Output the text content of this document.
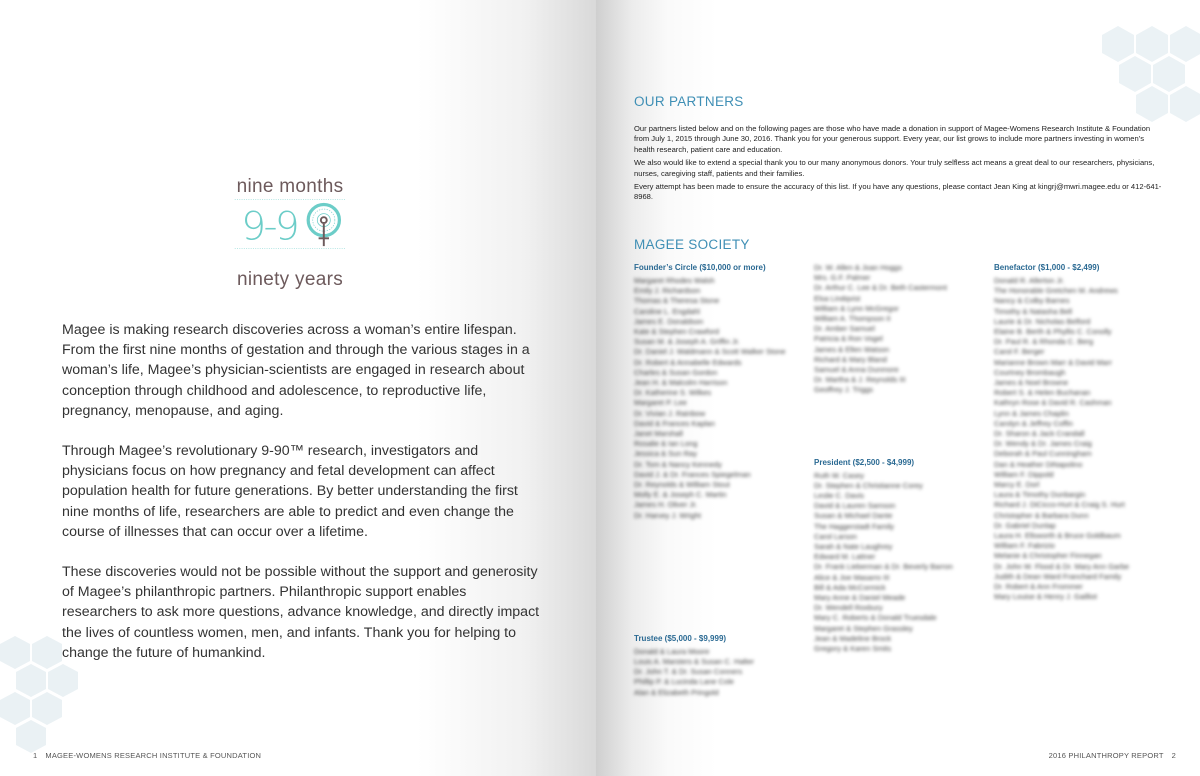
nine months
9-9
ninety years

Magee is making research discoveries across a woman’s entire lifespan. From the first nine months of gestation and through the various stages in a woman’s life, Magee’s physician-scientists are engaged in research about conception through childhood and adolescence, to reproductive life, pregnancy, menopause, and aging.

Through Magee’s revolutionary 9-90™ research, investigators and physicians focus on how pregnancy and fetal development can affect population health for future generations. By better understanding the first nine months of life, researchers are able to predict and even change the course of illnesses that can occur over a lifetime.

These discoveries would not be possible without the support and generosity of Magee’s philanthropic partners. Philanthropic support enables researchers to ask more questions, advance knowledge, and directly impact the lives of countless women, men, and infants. Thank you for helping to change the future of humankind.

1 MAGEE-WOMENS RESEARCH INSTITUTE & FOUNDATION
OUR PARTNERS

Our partners listed below and on the following pages are those who have made a donation in support of Magee-Womens Research Institute & Foundation from July 1, 2015 through June 30, 2016. Thank you for your generous support. Every year, our list grows to include more partners investing in women’s health research, patient care and education.

We also would like to extend a special thank you to our many anonymous donors. Your truly selfless act means a great deal to our researchers, physicians, nurses, caregiving staff, patients and their families.

Every attempt has been made to ensure the accuracy of this list. If you have any questions, please contact Jean King at kingrj@mwri.magee.edu or 412-641-8968.

MAGEE SOCIETY
Founder’s Circle ($10,000 or more)
Margaret Rhodes Walsh
Emily J. Richardson
Thomas & Theresa Stone
Caroline L. Engdahl
James E. Donaldson
Kate & Stephen Crawford
Susan M. & Joseph A. Griffin Jr.
Dr. Daniel J. Waldmann & Scott Walker Stone
Dr. Robert & Annabelle Edwards
Charles & Susan Gordon
Jean H. & Malcolm Harrison
Dr. Katherine S. Wilkes
Margaret P. Lee
Dr. Vivian J. Rainbow
David & Frances Kaplan
Janet Marshall
Rosalie & Ian Long
Jessica & Sun Ray
Dr. Tom & Nancy Kennedy
David J. & Dr. Frances Spiegelman
Dr. Reynolds & William Stout
Molly E. & Joseph C. Martin
James H. Oliver Jr.
Dr. Harvey J. Wright
Trustee ($5,000 - $9,999)
Donald & Laura Moore
Louis A. Marsters & Susan C. Halter
Dr. John T. & Dr. Susan Conners
Phillip P. & Lucinda Lane Cole
Alan & Elizabeth Pringold
Dr. W. Allen & Joan Hoggs
Mrs. G.F. Palmer
Dr. Arthur C. Lee & Dr. Beth Castermont
Elsa Lindqvist
William & Lynn McGregor
William A. Thompson II
Dr. Amber Samuel
Patricia & Ron Vogel
James & Ellen Watson
Richard & Mary Bland
Samuel & Anna Dunmore
Dr. Martha & J. Reynolds III
Geoffrey J. Triggs
President ($2,500 - $4,999)
Ruth W. Casey
Dr. Stephen & Christianne Corey
Leslie C. Davis
David & Lauren Samson
Susan & Michael Dante
The Haggerstadt Family
Carol Larson
Sarah & Nate Laughrey
Edward M. Lattner
Dr. Frank Lieberman & Dr. Beverly Barron
Alice & Joe Masarro III
Bill & Ada McCormick
Mary Anne & Daniel Meade
Dr. Wendell Roxbury
Mary C. Roberts & Donald Truesdale
Margaret & Stephen Grassley
Jean & Madeline Brock
Gregory & Karen Smits
Benefactor ($1,000 - $2,499)
Donald R. Allerton Jr.
The Honorable Gretchen M. Andrews
Nancy & Colby Barnes
Timothy & Natasha Bell
Laurie & Dr. Nicholas Belford
Elaine B. Berth & Phyllis C. Conolly
Dr. Paul R. & Rhonda C. Berg
Carol F. Berger
Marianne Brown Marr & David Marr
Courtney Brombaugh
James & Noel Browne
Robert S. & Helen Buchanan
Kathryn Rose & David R. Cashman
Lynn & James Chaplin
Carolyn & Jeffrey Coffin
Dr. Sharon & Jack Crandall
Dr. Wendy & Dr. James Craig
Deborah & Paul Cunningham
Dan & Heather DiNapolino
William F. Dippold
Marcy E. Dorl
Laura & Timothy Dunbargin
Richard J. DiCicco-Hurt & Craig S. Hurt
Christopher & Barbara Dunn
Dr. Gabriel Dunlap
Laura H. Ellsworth & Bruce Goldbaum
William F. Fabrizio
Melanie & Christopher Finnegan
Dr. John W. Flood & Dr. Mary Ann Garbe
Judith & Dean Ward Franchard Family
Dr. Robert & Ann Frommer
Mary Louise & Henry J. Gailliot
2016 PHILANTHROPY REPORT 2
